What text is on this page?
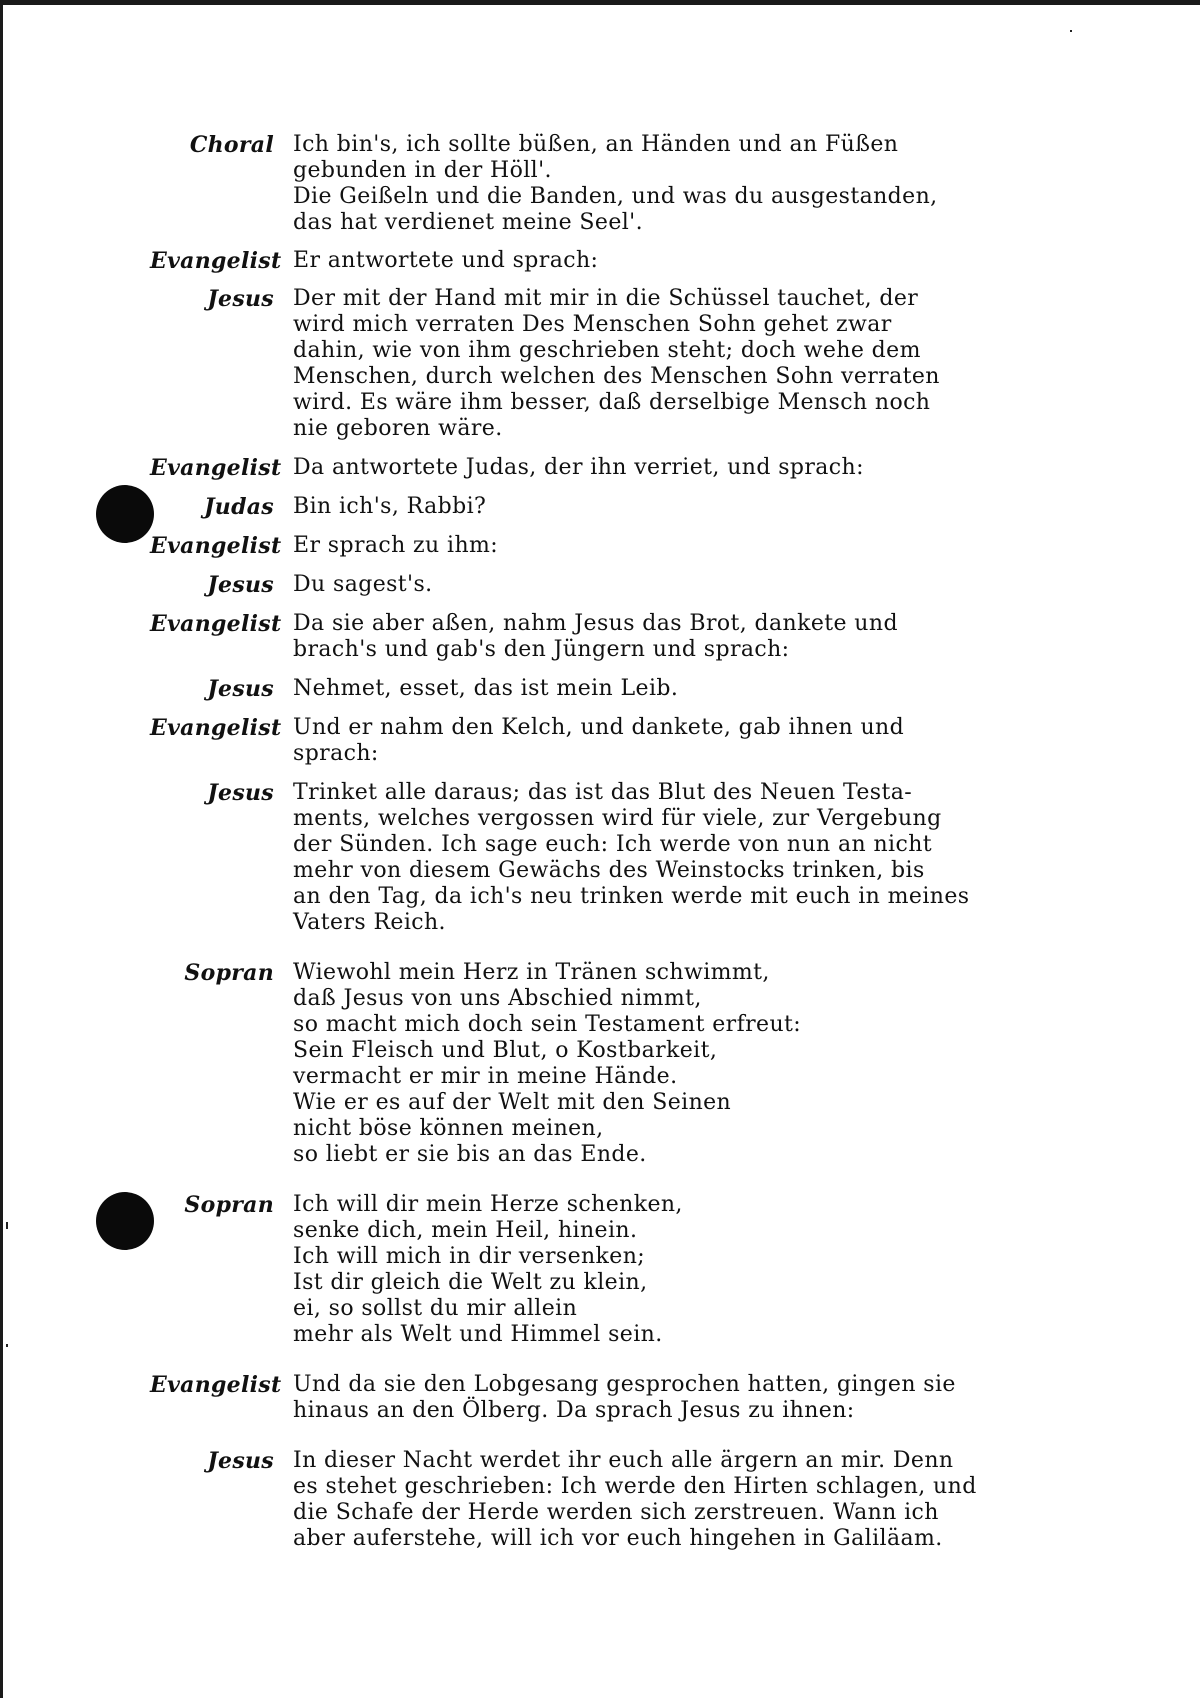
Choral Ich bin's, ich sollte büßen, an Händen und an Füßen
gebunden in der Höll'.
Die Geißeln und die Banden, und was du ausgestanden,
das hat verdienet meine Seel'.
Evangelist Er antwortete und sprach:
Jesus Der mit der Hand mit mir in die Schüssel tauchet, der
wird mich verraten Des Menschen Sohn gehet zwar
dahin, wie von ihm geschrieben steht; doch wehe dem
Menschen, durch welchen des Menschen Sohn verraten
wird. Es wäre ihm besser, daß derselbige Mensch noch
nie geboren wäre.
Evangelist Da antwortete Judas, der ihn verriet, und sprach:
Judas Bin ich's, Rabbi?
Evangelist Er sprach zu ihm:
Jesus Du sagest's.
Evangelist Da sie aber aßen, nahm Jesus das Brot, dankete und
brach's und gab's den Jüngern und sprach:
Jesus Nehmet, esset, das ist mein Leib.
Evangelist Und er nahm den Kelch, und dankete, gab ihnen und
sprach:
Jesus Trinket alle daraus; das ist das Blut des Neuen Testa-
ments, welches vergossen wird für viele, zur Vergebung
der Sünden. Ich sage euch: Ich werde von nun an nicht
mehr von diesem Gewächs des Weinstocks trinken, bis
an den Tag, da ich's neu trinken werde mit euch in meines
Vaters Reich.
Sopran Wiewohl mein Herz in Tränen schwimmt,
daß Jesus von uns Abschied nimmt,
so macht mich doch sein Testament erfreut:
Sein Fleisch und Blut, o Kostbarkeit,
vermacht er mir in meine Hände.
Wie er es auf der Welt mit den Seinen
nicht böse können meinen,
so liebt er sie bis an das Ende.
Sopran Ich will dir mein Herze schenken,
senke dich, mein Heil, hinein.
Ich will mich in dir versenken;
Ist dir gleich die Welt zu klein,
ei, so sollst du mir allein
mehr als Welt und Himmel sein.
Evangelist Und da sie den Lobgesang gesprochen hatten, gingen sie
hinaus an den Ölberg. Da sprach Jesus zu ihnen:
Jesus In dieser Nacht werdet ihr euch alle ärgern an mir. Denn
es stehet geschrieben: Ich werde den Hirten schlagen, und
die Schafe der Herde werden sich zerstreuen. Wann ich
aber auferstehe, will ich vor euch hingehen in Galiläam.
